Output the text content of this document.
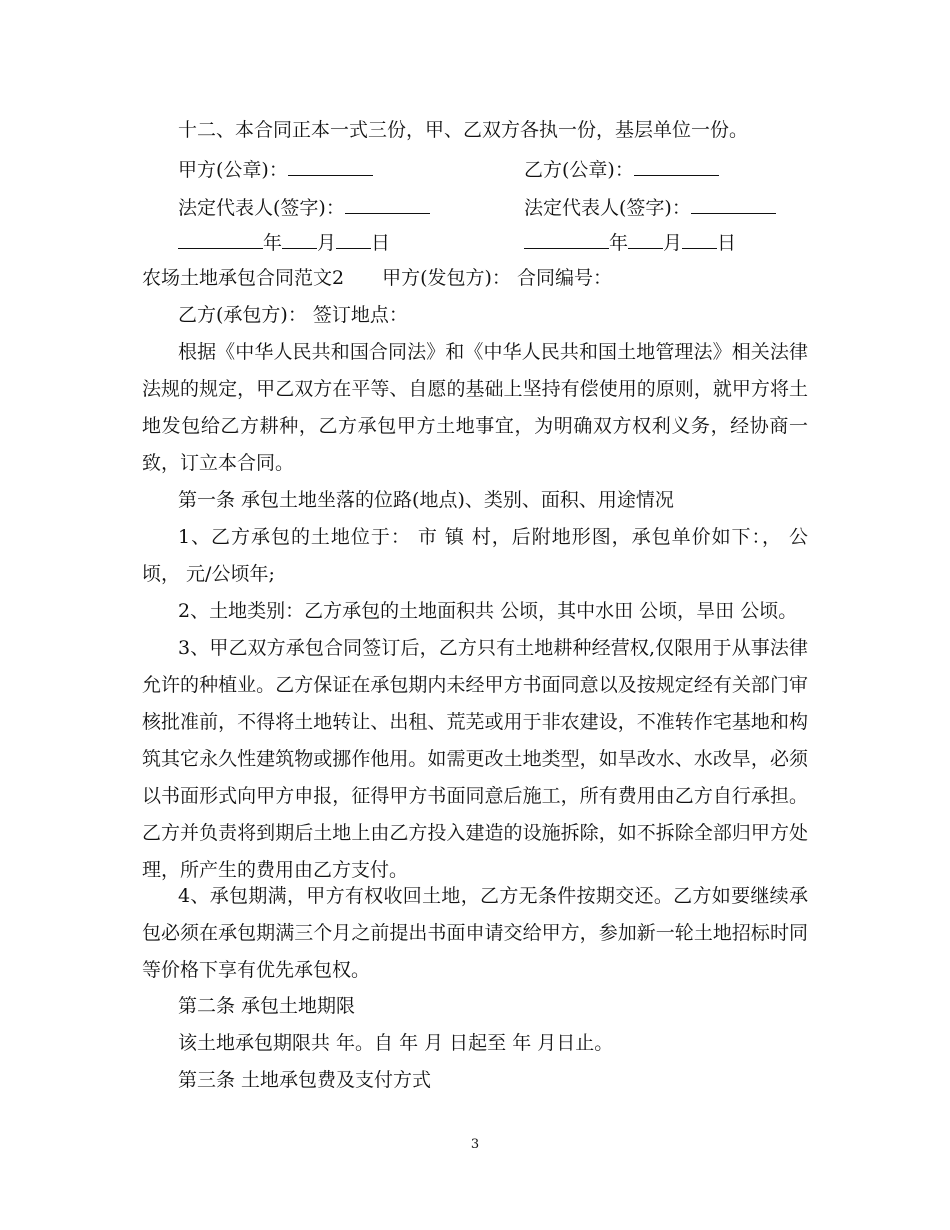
十二、本合同正本一式三份，甲、乙双方各执一份，基层单位一份。
甲方(公章)：	乙方(公章)：
法定代表人(签字)：	法定代表人(签字)：
年 月 日	年 月 日
农场土地承包合同范文2　　甲方(发包方)： 合同编号：
乙方(承包方)： 签订地点：
根据《中华人民共和国合同法》和《中华人民共和国土地管理法》相关法律法规的规定，甲乙双方在平等、自愿的基础上坚持有偿使用的原则，就甲方将土地发包给乙方耕种，乙方承包甲方土地事宜，为明确双方权利义务，经协商一致，订立本合同。
第一条 承包土地坐落的位路(地点)、类别、面积、用途情况
1、乙方承包的土地位于： 市 镇 村，后附地形图，承包单价如下：， 公顷， 元/公顷年;
2、土地类别：乙方承包的土地面积共 公顷，其中水田 公顷，旱田 公顷。
3、甲乙双方承包合同签订后，乙方只有土地耕种经营权,仅限用于从事法律允许的种植业。乙方保证在承包期内未经甲方书面同意以及按规定经有关部门审核批准前，不得将土地转让、出租、荒芜或用于非农建设，不准转作宅基地和构筑其它永久性建筑物或挪作他用。如需更改土地类型，如旱改水、水改旱，必须以书面形式向甲方申报，征得甲方书面同意后施工，所有费用由乙方自行承担。乙方并负责将到期后土地上由乙方投入建造的设施拆除，如不拆除全部归甲方处理，所产生的费用由乙方支付。
4、承包期满，甲方有权收回土地，乙方无条件按期交还。乙方如要继续承包必须在承包期满三个月之前提出书面申请交给甲方，参加新一轮土地招标时同等价格下享有优先承包权。
第二条 承包土地期限
该土地承包期限共 年。自 年 月 日起至 年 月日止。
第三条 土地承包费及支付方式
3
